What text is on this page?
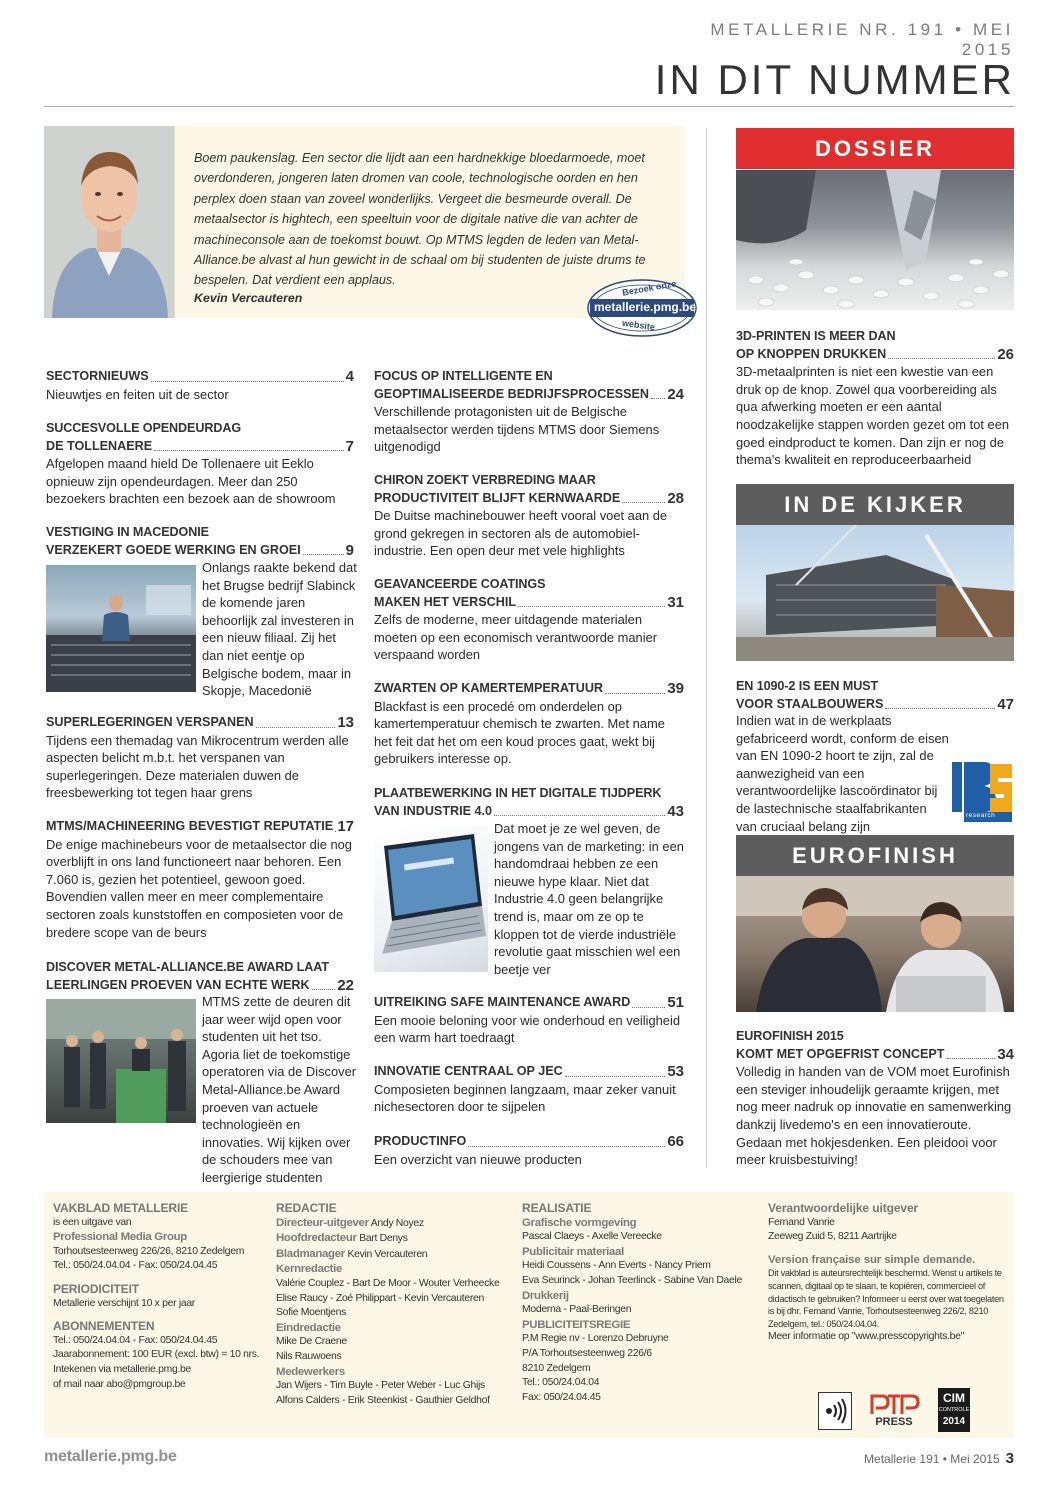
METALLERIE NR. 191 • MEI 2015
IN DIT NUMMER
Boem paukenslag. Een sector die lijdt aan een hardnekkige bloedarmoede, moet overdonderen, jongeren laten dromen van coole, technologische oorden en hen perplex doen staan van zoveel wonderlijks. Vergeet die besmeurde overall. De metaalsector is hightech, een speeltuin voor de digitale native die van achter de machineconsole aan de toekomst bouwt. Op MTMS legden de leden van Metal-Alliance.be alvast al hun gewicht in de schaal om bij studenten de juiste drums te bespelen. Dat verdient een applaus.
Kevin Vercauteren
Bezoek onze
metallerie.pmg.be
website
SECTORNIEUWS	4

Nieuwtjes en feiten uit de sector

SUCCESVOLLE OPENDEURDAG
DE TOLLENAERE	7

Afgelopen maand hield De Tollenaere uit Eeklo opnieuw zijn opendeurdagen. Meer dan 250 bezoekers brachten een bezoek aan de showroom

VESTIGING IN MACEDONIE
VERZEKERT GOEDE WERKING EN GROEI	9

Onlangs raakte bekend dat het Brugse bedrijf Slabinck de komende jaren behoorlijk zal investeren in een nieuw filiaal. Zij het dan niet eentje op Belgische bodem, maar in Skopje, Macedonië

SUPERLEGERINGEN VERSPANEN	13

Tijdens een themadag van Mikrocentrum werden alle aspecten belicht m.b.t. het verspanen van superlegeringen. Deze materialen duwen de freesbewerking tot tegen haar grens

MTMS/MACHINEERING BEVESTIGT REPUTATIE 17

De enige machinebeurs voor de metaalsector die nog overblijft in ons land functioneert naar behoren. Een 7.060 is, gezien het potentieel, gewoon goed. Bovendien vallen meer en meer complementaire sectoren zoals kunststoffen en composieten voor de bredere scope van de beurs

DISCOVER METAL-ALLIANCE.BE AWARD LAAT
LEERLINGEN PROEVEN VAN ECHTE WERK 22

MTMS zette de deuren dit jaar weer wijd open voor studenten uit het tso. Agoria liet de toekomstige operatoren via de Discover Metal-Alliance.be Award proeven van actuele technologieën en innovaties. Wij kijken over de schouders mee van leergierige studenten

FOCUS OP INTELLIGENTE EN
GEOPTIMALISEERDE BEDRIJFSPROCESSEN 24

Verschillende protagonisten uit de Belgische metaalsector werden tijdens MTMS door Siemens uitgenodigd

CHIRON ZOEKT VERBREDING MAAR
PRODUCTIVITEIT BLIJFT KERNWAARDE	28

De Duitse machinebouwer heeft vooral voet aan de grond gekregen in sectoren als de automobiel-industrie. Een open deur met vele highlights

GEAVANCEERDE COATINGS
MAKEN HET VERSCHIL	31

Zelfs de moderne, meer uitdagende materialen moeten op een economisch verantwoorde manier verspaand worden

ZWARTEN OP KAMERTEMPERATUUR	39

Blackfast is een procedé om onderdelen op kamertemperatuur chemisch te zwarten. Met name het feit dat het om een koud proces gaat, wekt bij gebruikers interesse op.

PLAATBEWERKING IN HET DIGITALE TIJDPERK
VAN INDUSTRIE 4.0	43

Dat moet je ze wel geven, de jongens van de marketing: in een handomdraai hebben ze een nieuwe hype klaar. Niet dat Industrie 4.0 geen belangrijke trend is, maar om ze op te kloppen tot de vierde industriële revolutie gaat misschien wel een beetje ver

UITREIKING SAFE MAINTENANCE AWARD 51

Een mooie beloning voor wie onderhoud en veiligheid een warm hart toedraagt

INNOVATIE CENTRAAL OP JEC	53

Composieten beginnen langzaam, maar zeker vanuit nichesectoren door te sijpelen

PRODUCTINFO	66

Een overzicht van nieuwe producten

DOSSIER
3D-PRINTEN IS MEER DAN
OP KNOPPEN DRUKKEN	26

3D-metaalprinten is niet een kwestie van een druk op de knop. Zowel qua voorbereiding als qua afwerking moeten er een aantal noodzakelijke stappen worden gezet om tot een goed eindproduct te komen. Dan zijn er nog de thema's kwaliteit en reproduceerbaarheid

IN DE KIJKER
EN 1090-2 IS EEN MUST
VOOR STAALBOUWERS	47

Indien wat in de werkplaats gefabriceerd wordt, conform de eisen van EN 1090-2 hoort te zijn, zal de aanwezigheid van een verantwoordelijke lascoördinator bij de lastechnische staalfabrikanten van cruciaal belang zijn

research
EUROFINISH
EUROFINISH 2015
KOMT MET OPGEFRIST CONCEPT	34

Volledig in handen van de VOM moet Eurofinish een steviger inhoudelijk geraamte krijgen, met nog meer nadruk op innovatie en samenwerking dankzij livedemo's en een innovatieroute. Gedaan met hokjesdenken. Een pleidooi voor meer kruisbestuiving!

VAKBLAD METALLERIE
is een uitgave van
Professional Media Group
Torhoutsesteenweg 226/26, 8210 Zedelgem
Tel.: 050/24.04.04 - Fax: 050/24.04.45
PERIODICITEIT
Metallerie verschijnt 10 x per jaar
ABONNEMENTEN
Tel.: 050/24.04.04 - Fax: 050/24.04.45
Jaarabonnement: 100 EUR (excl. btw) = 10 nrs.
Intekenen via metallerie.pmg.be
of mail naar abo@pmgroup.be
REDACTIE
Directeur-uitgever Andy Noyez
Hoofdredacteur Bart Denys
Bladmanager Kevin Vercauteren
Kernredactie
Valérie Couplez - Bart De Moor - Wouter Verheecke
Elise Raucy - Zoé Philippart - Kevin Vercauteren
Sofie Moentjens
Eindredactie
Mike De Craene
Nils Rauwoens
Medewerkers
Jan Wijers - Tim Buyle - Peter Weber - Luc Ghijs
Alfons Calders - Erik Steenkist - Gauthier Geldhof
REALISATIE
Grafische vormgeving
Pascal Claeys - Axelle Vereecke
Publicitair materiaal
Heidi Coussens - Ann Everts - Nancy Priem
Eva Seurinck - Johan Teerlinck - Sabine Van Daele
Drukkerij
Moderna - Paal-Beringen
PUBLICITEITSREGIE
P.M Regie nv - Lorenzo Debruyne
P/A Torhoutsesteenweg 226/6
8210 Zedelgem
Tel.: 050/24.04.04
Fax: 050/24.04.45
Verantwoordelijke uitgever
Fernand Vanrie
Zeeweg Zuid 5, 8211 Aartrijke
Version française sur simple demande.
Dit vakblad is auteursrechtelijk beschermd. Wenst u artikels te scannen, digitaal op te slaan, te kopiëren, commercieel of didactisch te gebruiken? Informeer u eerst over wat toegelaten is bij dhr. Fernand Vanrie, Torhoutsesteenweg 226/2, 8210 Zedelgem, tel.: 050/24.04.04.
Meer informatie op "www.presscopyrights.be"
PRESS
CIM
CONTROLE
2014
metallerie.pmg.be	Metallerie 191 • Mei 2015 3
